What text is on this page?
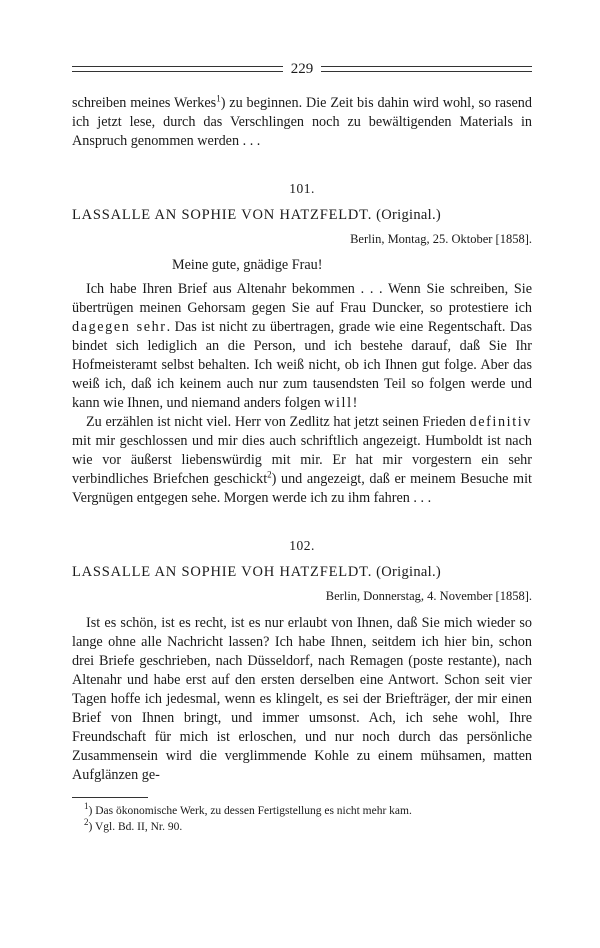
229

schreiben meines Werkes$^1$) zu beginnen. Die Zeit bis dahin wird wohl, so rasend ich jetzt lese, durch das Verschlingen noch zu bewältigenden Materials in Anspruch genommen werden . . .

101.
LASSALLE AN SOPHIE VON HATZFELDT. (Original.)
Berlin, Montag, 25. Oktober [1858].
Meine gute, gnädige Frau!

Ich habe Ihren Brief aus Altenahr bekommen . . . Wenn Sie schreiben, Sie übertrügen meinen Gehorsam gegen Sie auf Frau Duncker, so protestiere ich dagegen sehr. Das ist nicht zu übertragen, grade wie eine Regentschaft. Das bindet sich lediglich an die Person, und ich bestehe darauf, daß Sie Ihr Hofmeisteramt selbst behalten. Ich weiß nicht, ob ich Ihnen gut folge. Aber das weiß ich, daß ich keinem auch nur zum tausendsten Teil so folgen werde und kann wie Ihnen, und niemand anders folgen will!

Zu erzählen ist nicht viel. Herr von Zedlitz hat jetzt seinen Frieden definitiv mit mir geschlossen und mir dies auch schriftlich angezeigt. Humboldt ist nach wie vor äußerst liebenswürdig mit mir. Er hat mir vorgestern ein sehr verbindliches Briefchen geschickt$^2$) und angezeigt, daß er meinem Besuche mit Vergnügen entgegen sehe. Morgen werde ich zu ihm fahren . . .

102.
LASSALLE AN SOPHIE VOH HATZFELDT. (Original.)
Berlin, Donnerstag, 4. November [1858].

Ist es schön, ist es recht, ist es nur erlaubt von Ihnen, daß Sie mich wieder so lange ohne alle Nachricht lassen? Ich habe Ihnen, seitdem ich hier bin, schon drei Briefe geschrieben, nach Düsseldorf, nach Remagen (poste restante), nach Altenahr und habe erst auf den ersten derselben eine Antwort. Schon seit vier Tagen hoffe ich jedesmal, wenn es klingelt, es sei der Briefträger, der mir einen Brief von Ihnen bringt, und immer umsonst. Ach, ich sehe wohl, Ihre Freundschaft für mich ist erloschen, und nur noch durch das persönliche Zusammensein wird die verglimmende Kohle zu einem mühsamen, matten Aufglänzen ge-

$^1$) Das ökonomische Werk, zu dessen Fertigstellung es nicht mehr kam.
$^2$) Vgl. Bd. II, Nr. 90.
